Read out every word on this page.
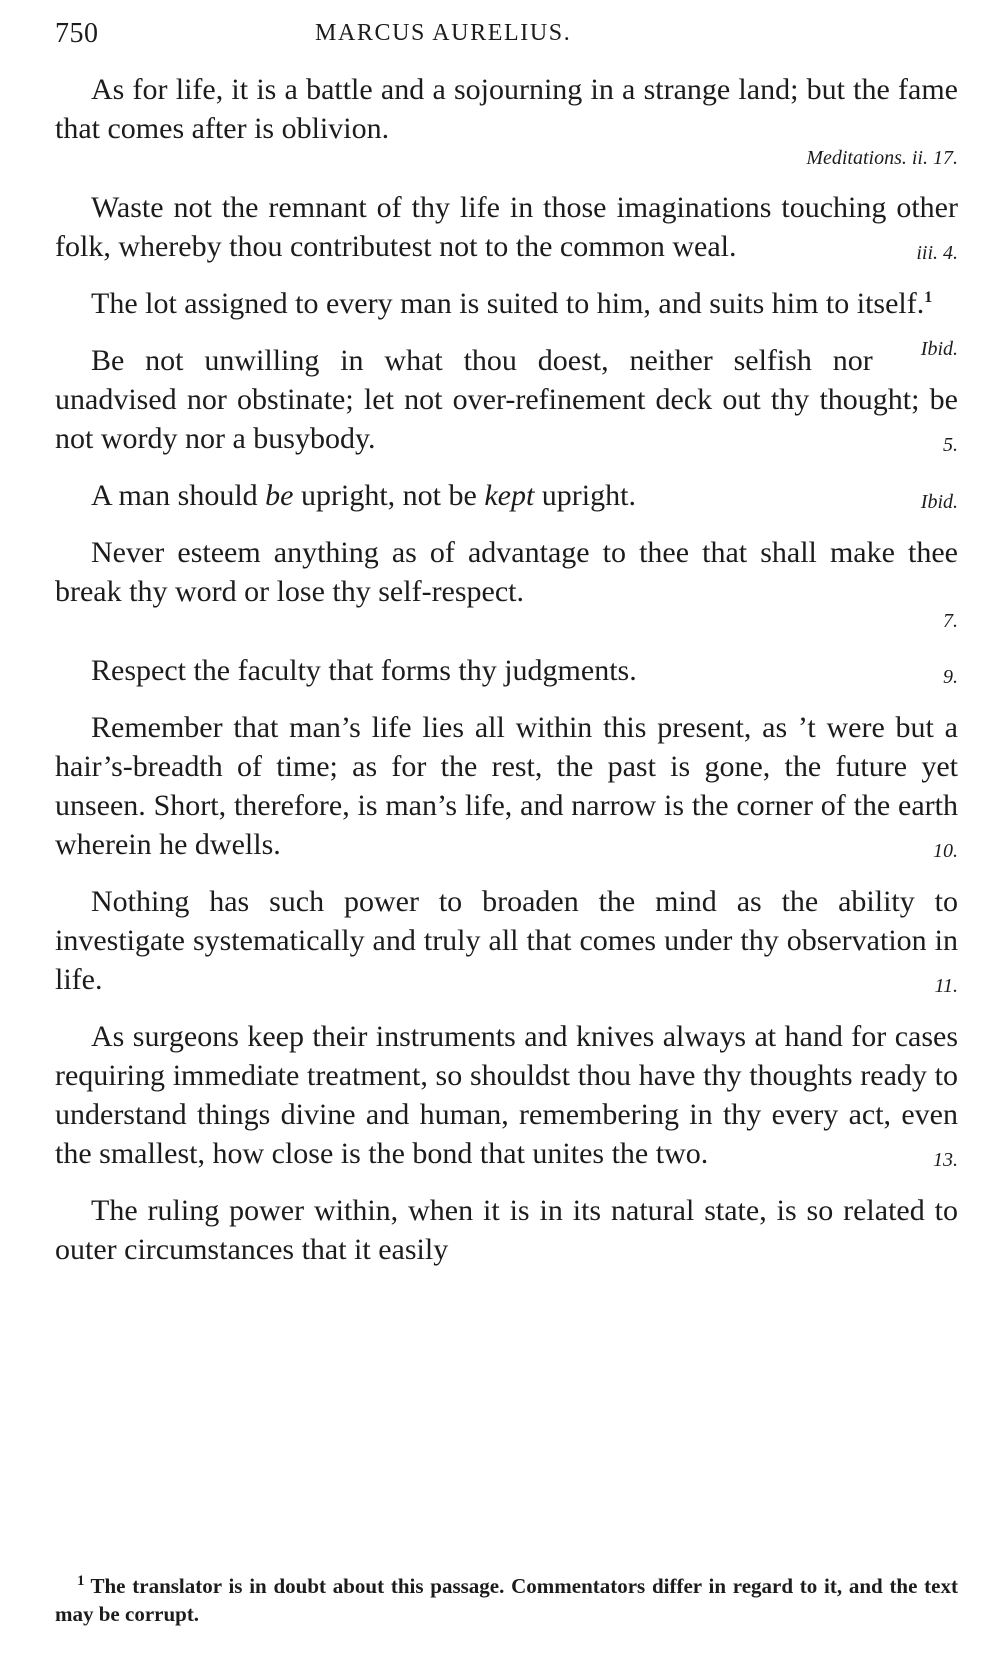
750	MARCUS AURELIUS.

As for life, it is a battle and a sojourning in a strange land; but the fame that comes after is oblivion.
Meditations. ii. 17.

Waste not the remnant of thy life in those imaginations touching other folk, whereby thou contributest not to the common weal.	iii. 4.

The lot assigned to every man is suited to him, and suits him to itself.$^1$
Ibid.

Be not unwilling in what thou doest, neither selfish nor unadvised nor obstinate; let not over-refinement deck out thy thought; be not wordy nor a busybody.	5.

A man should be upright, not be kept upright.	Ibid.

Never esteem anything as of advantage to thee that shall make thee break thy word or lose thy self-respect.
7.

Respect the faculty that forms thy judgments.	9.

Remember that man’s life lies all within this present, as ’t were but a hair’s-breadth of time; as for the rest, the past is gone, the future yet unseen. Short, therefore, is man’s life, and narrow is the corner of the earth wherein he dwells.	10.

Nothing has such power to broaden the mind as the ability to investigate systematically and truly all that comes under thy observation in life.	11.

As surgeons keep their instruments and knives always at hand for cases requiring immediate treatment, so shouldst thou have thy thoughts ready to understand things divine and human, remembering in thy every act, even the smallest, how close is the bond that unites the two.	13.

The ruling power within, when it is in its natural state, is so related to outer circumstances that it easily

$^1$ The translator is in doubt about this passage. Commentators differ in regard to it, and the text may be corrupt.
